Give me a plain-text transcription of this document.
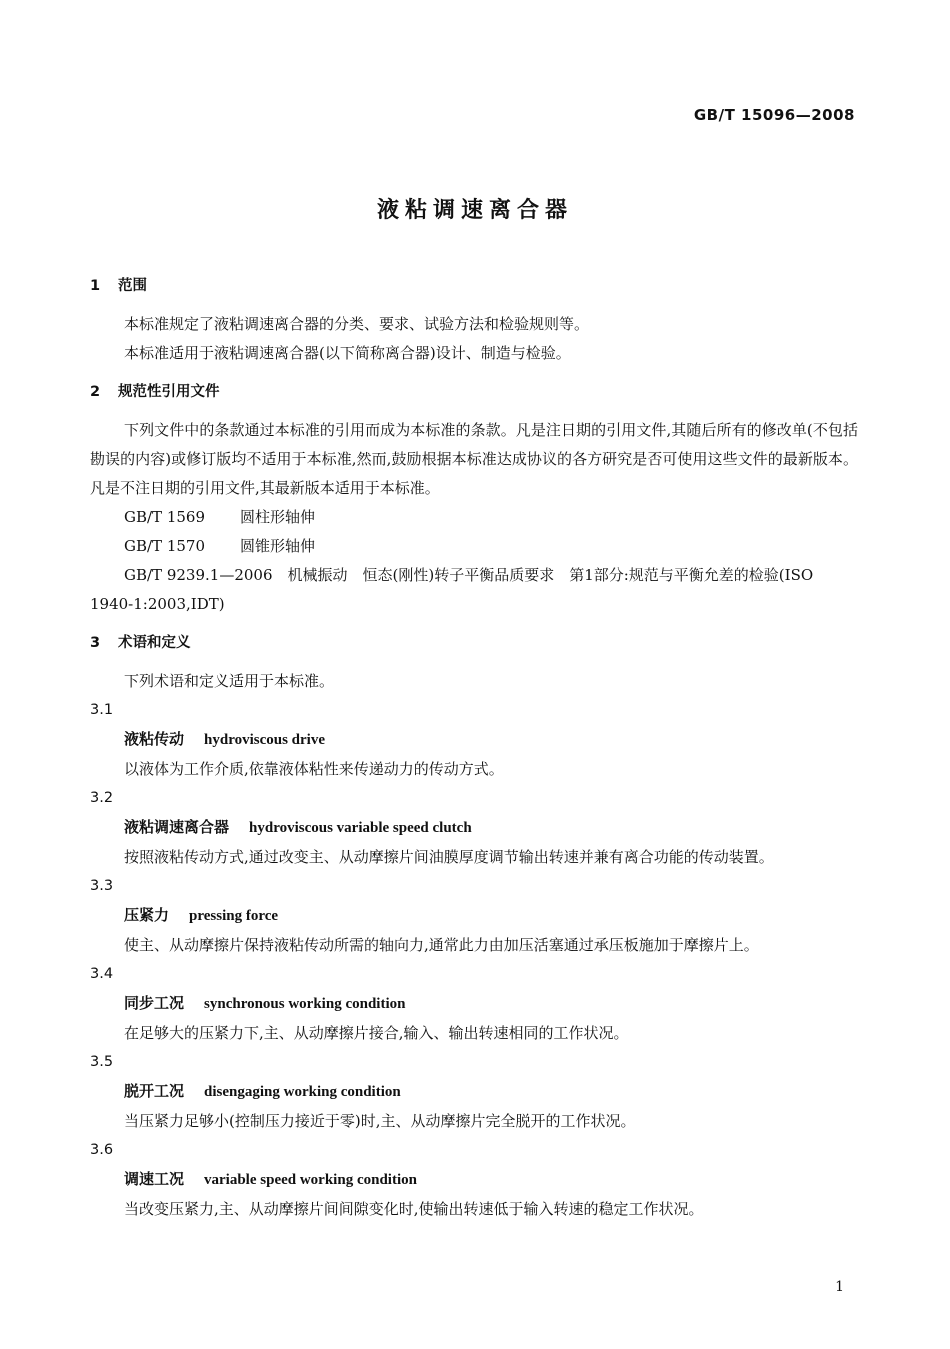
GB/T 15096—2008
液粘调速离合器

1 范围

本标准规定了液粘调速离合器的分类、要求、试验方法和检验规则等。

本标准适用于液粘调速离合器(以下简称离合器)设计、制造与检验。

2 规范性引用文件

下列文件中的条款通过本标准的引用而成为本标准的条款。凡是注日期的引用文件,其随后所有的修改单(不包括勘误的内容)或修订版均不适用于本标准,然而,鼓励根据本标准达成协议的各方研究是否可使用这些文件的最新版本。凡是不注日期的引用文件,其最新版本适用于本标准。

GB/T 1569 圆柱形轴伸

GB/T 1570 圆锥形轴伸

GB/T 9239.1—2006　机械振动　恒态(刚性)转子平衡品质要求　第1部分:规范与平衡允差的检验(ISO 1940-1:2003,IDT)

3 术语和定义

下列术语和定义适用于本标准。

3.1

液粘传动 hydroviscous drive

以液体为工作介质,依靠液体粘性来传递动力的传动方式。

3.2

液粘调速离合器 hydroviscous variable speed clutch

按照液粘传动方式,通过改变主、从动摩擦片间油膜厚度调节输出转速并兼有离合功能的传动装置。

3.3

压紧力 pressing force

使主、从动摩擦片保持液粘传动所需的轴向力,通常此力由加压活塞通过承压板施加于摩擦片上。

3.4

同步工况 synchronous working condition

在足够大的压紧力下,主、从动摩擦片接合,输入、输出转速相同的工作状况。

3.5

脱开工况 disengaging working condition

当压紧力足够小(控制压力接近于零)时,主、从动摩擦片完全脱开的工作状况。

3.6

调速工况 variable speed working condition

当改变压紧力,主、从动摩擦片间间隙变化时,使输出转速低于输入转速的稳定工作状况。

1
